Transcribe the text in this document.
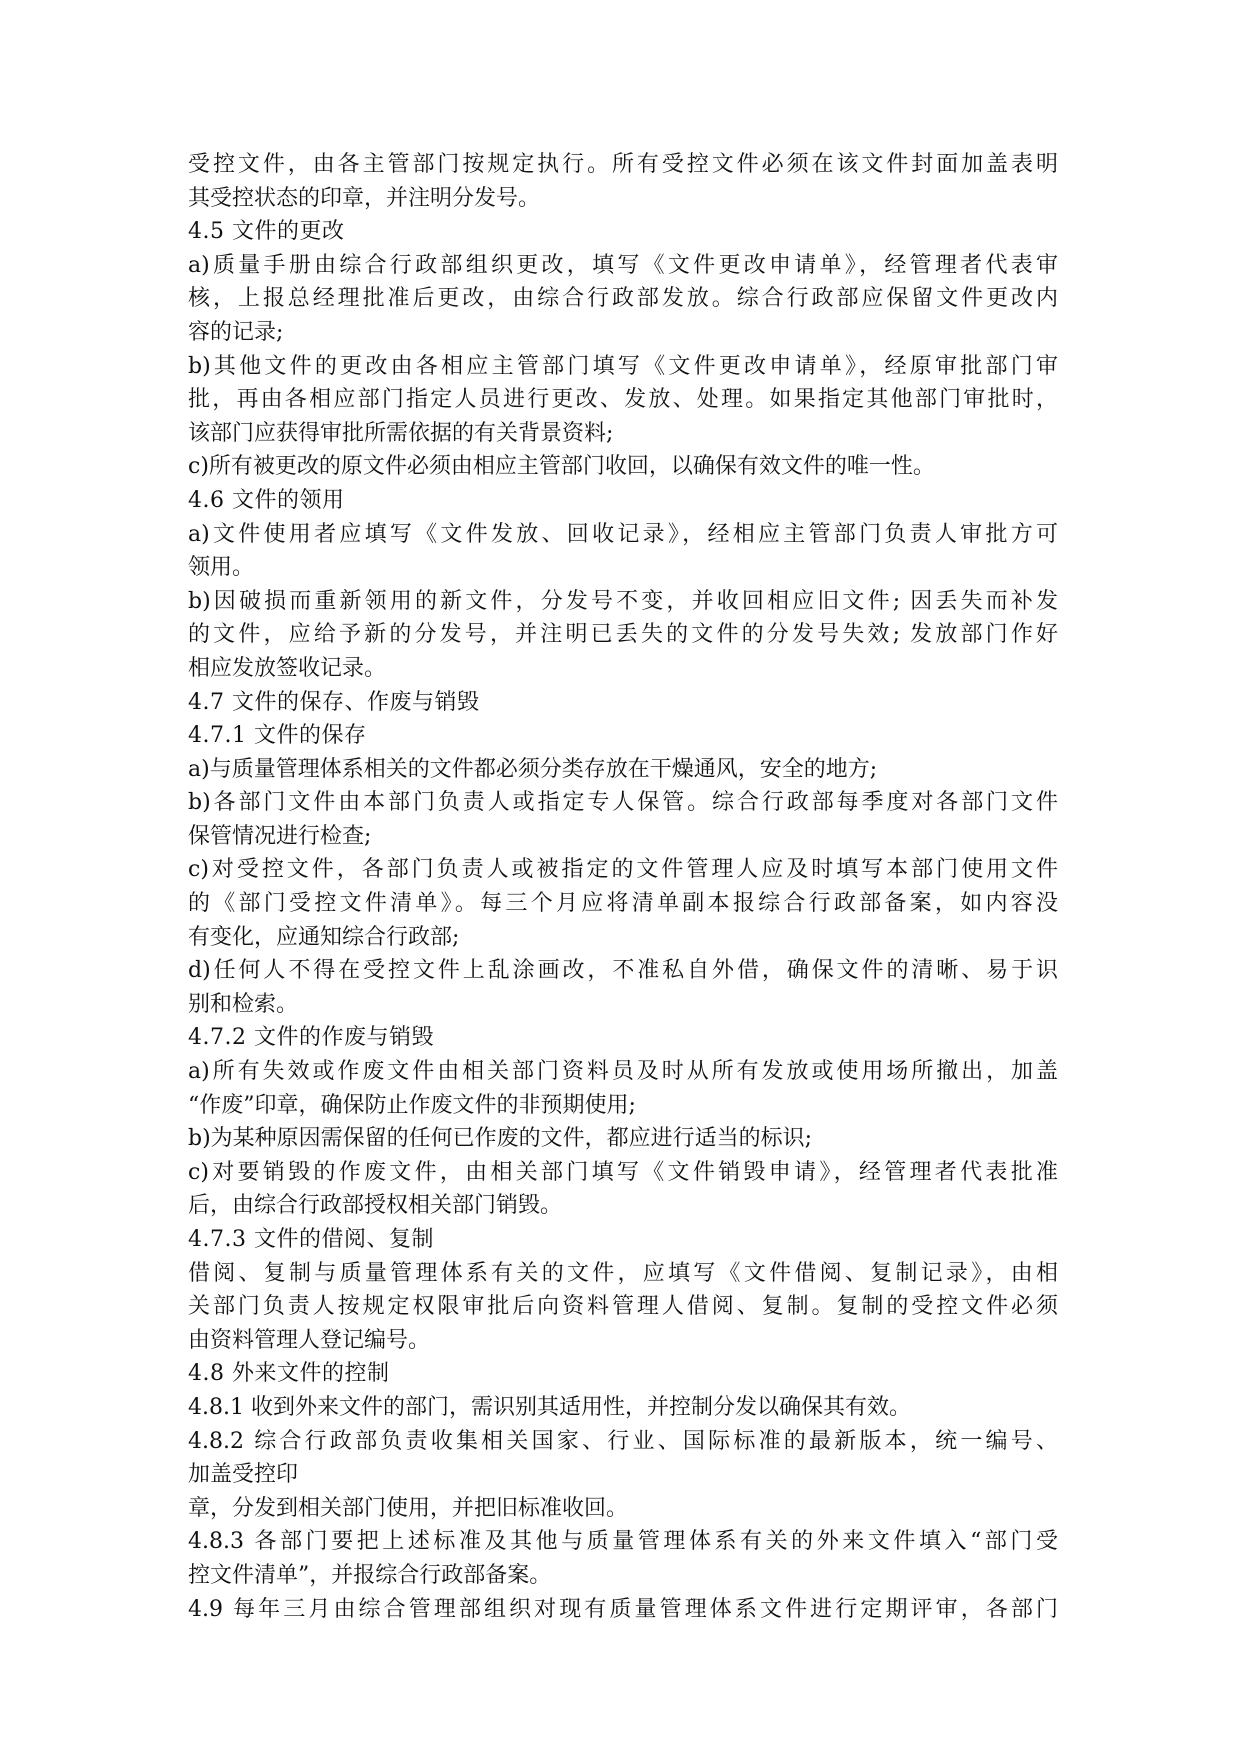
受控文件，由各主管部门按规定执行。所有受控文件必须在该文件封面加盖表明

其受控状态的印章，并注明分发号。

4.5 文件的更改

a)质量手册由综合行政部组织更改，填写《文件更改申请单》，经管理者代表审

核，上报总经理批准后更改，由综合行政部发放。综合行政部应保留文件更改内

容的记录;

b)其他文件的更改由各相应主管部门填写《文件更改申请单》，经原审批部门审

批，再由各相应部门指定人员进行更改、发放、处理。如果指定其他部门审批时，

该部门应获得审批所需依据的有关背景资料;

c)所有被更改的原文件必须由相应主管部门收回，以确保有效文件的唯一性。

4.6 文件的领用

a)文件使用者应填写《文件发放、回收记录》，经相应主管部门负责人审批方可

领用。

b)因破损而重新领用的新文件，分发号不变，并收回相应旧文件; 因丢失而补发

的文件，应给予新的分发号，并注明已丢失的文件的分发号失效; 发放部门作好

相应发放签收记录。

4.7 文件的保存、作废与销毁

4.7.1 文件的保存

a)与质量管理体系相关的文件都必须分类存放在干燥通风，安全的地方;

b)各部门文件由本部门负责人或指定专人保管。综合行政部每季度对各部门文件

保管情况进行检查;

c)对受控文件，各部门负责人或被指定的文件管理人应及时填写本部门使用文件

的《部门受控文件清单》。每三个月应将清单副本报综合行政部备案，如内容没

有变化，应通知综合行政部;

d)任何人不得在受控文件上乱涂画改，不准私自外借，确保文件的清晰、易于识

别和检索。

4.7.2 文件的作废与销毁

a)所有失效或作废文件由相关部门资料员及时从所有发放或使用场所撤出，加盖

“作废”印章，确保防止作废文件的非预期使用;

b)为某种原因需保留的任何已作废的文件，都应进行适当的标识;

c)对要销毁的作废文件，由相关部门填写《文件销毁申请》，经管理者代表批准

后，由综合行政部授权相关部门销毁。

4.7.3 文件的借阅、复制

借阅、复制与质量管理体系有关的文件，应填写《文件借阅、复制记录》，由相

关部门负责人按规定权限审批后向资料管理人借阅、复制。复制的受控文件必须

由资料管理人登记编号。

4.8 外来文件的控制

4.8.1 收到外来文件的部门，需识别其适用性，并控制分发以确保其有效。

4.8.2 综合行政部负责收集相关国家、行业、国际标准的最新版本，统一编号、

加盖受控印

章，分发到相关部门使用，并把旧标准收回。

4.8.3 各部门要把上述标准及其他与质量管理体系有关的外来文件填入“部门受

控文件清单”，并报综合行政部备案。

4.9 每年三月由综合管理部组织对现有质量管理体系文件进行定期评审，各部门
